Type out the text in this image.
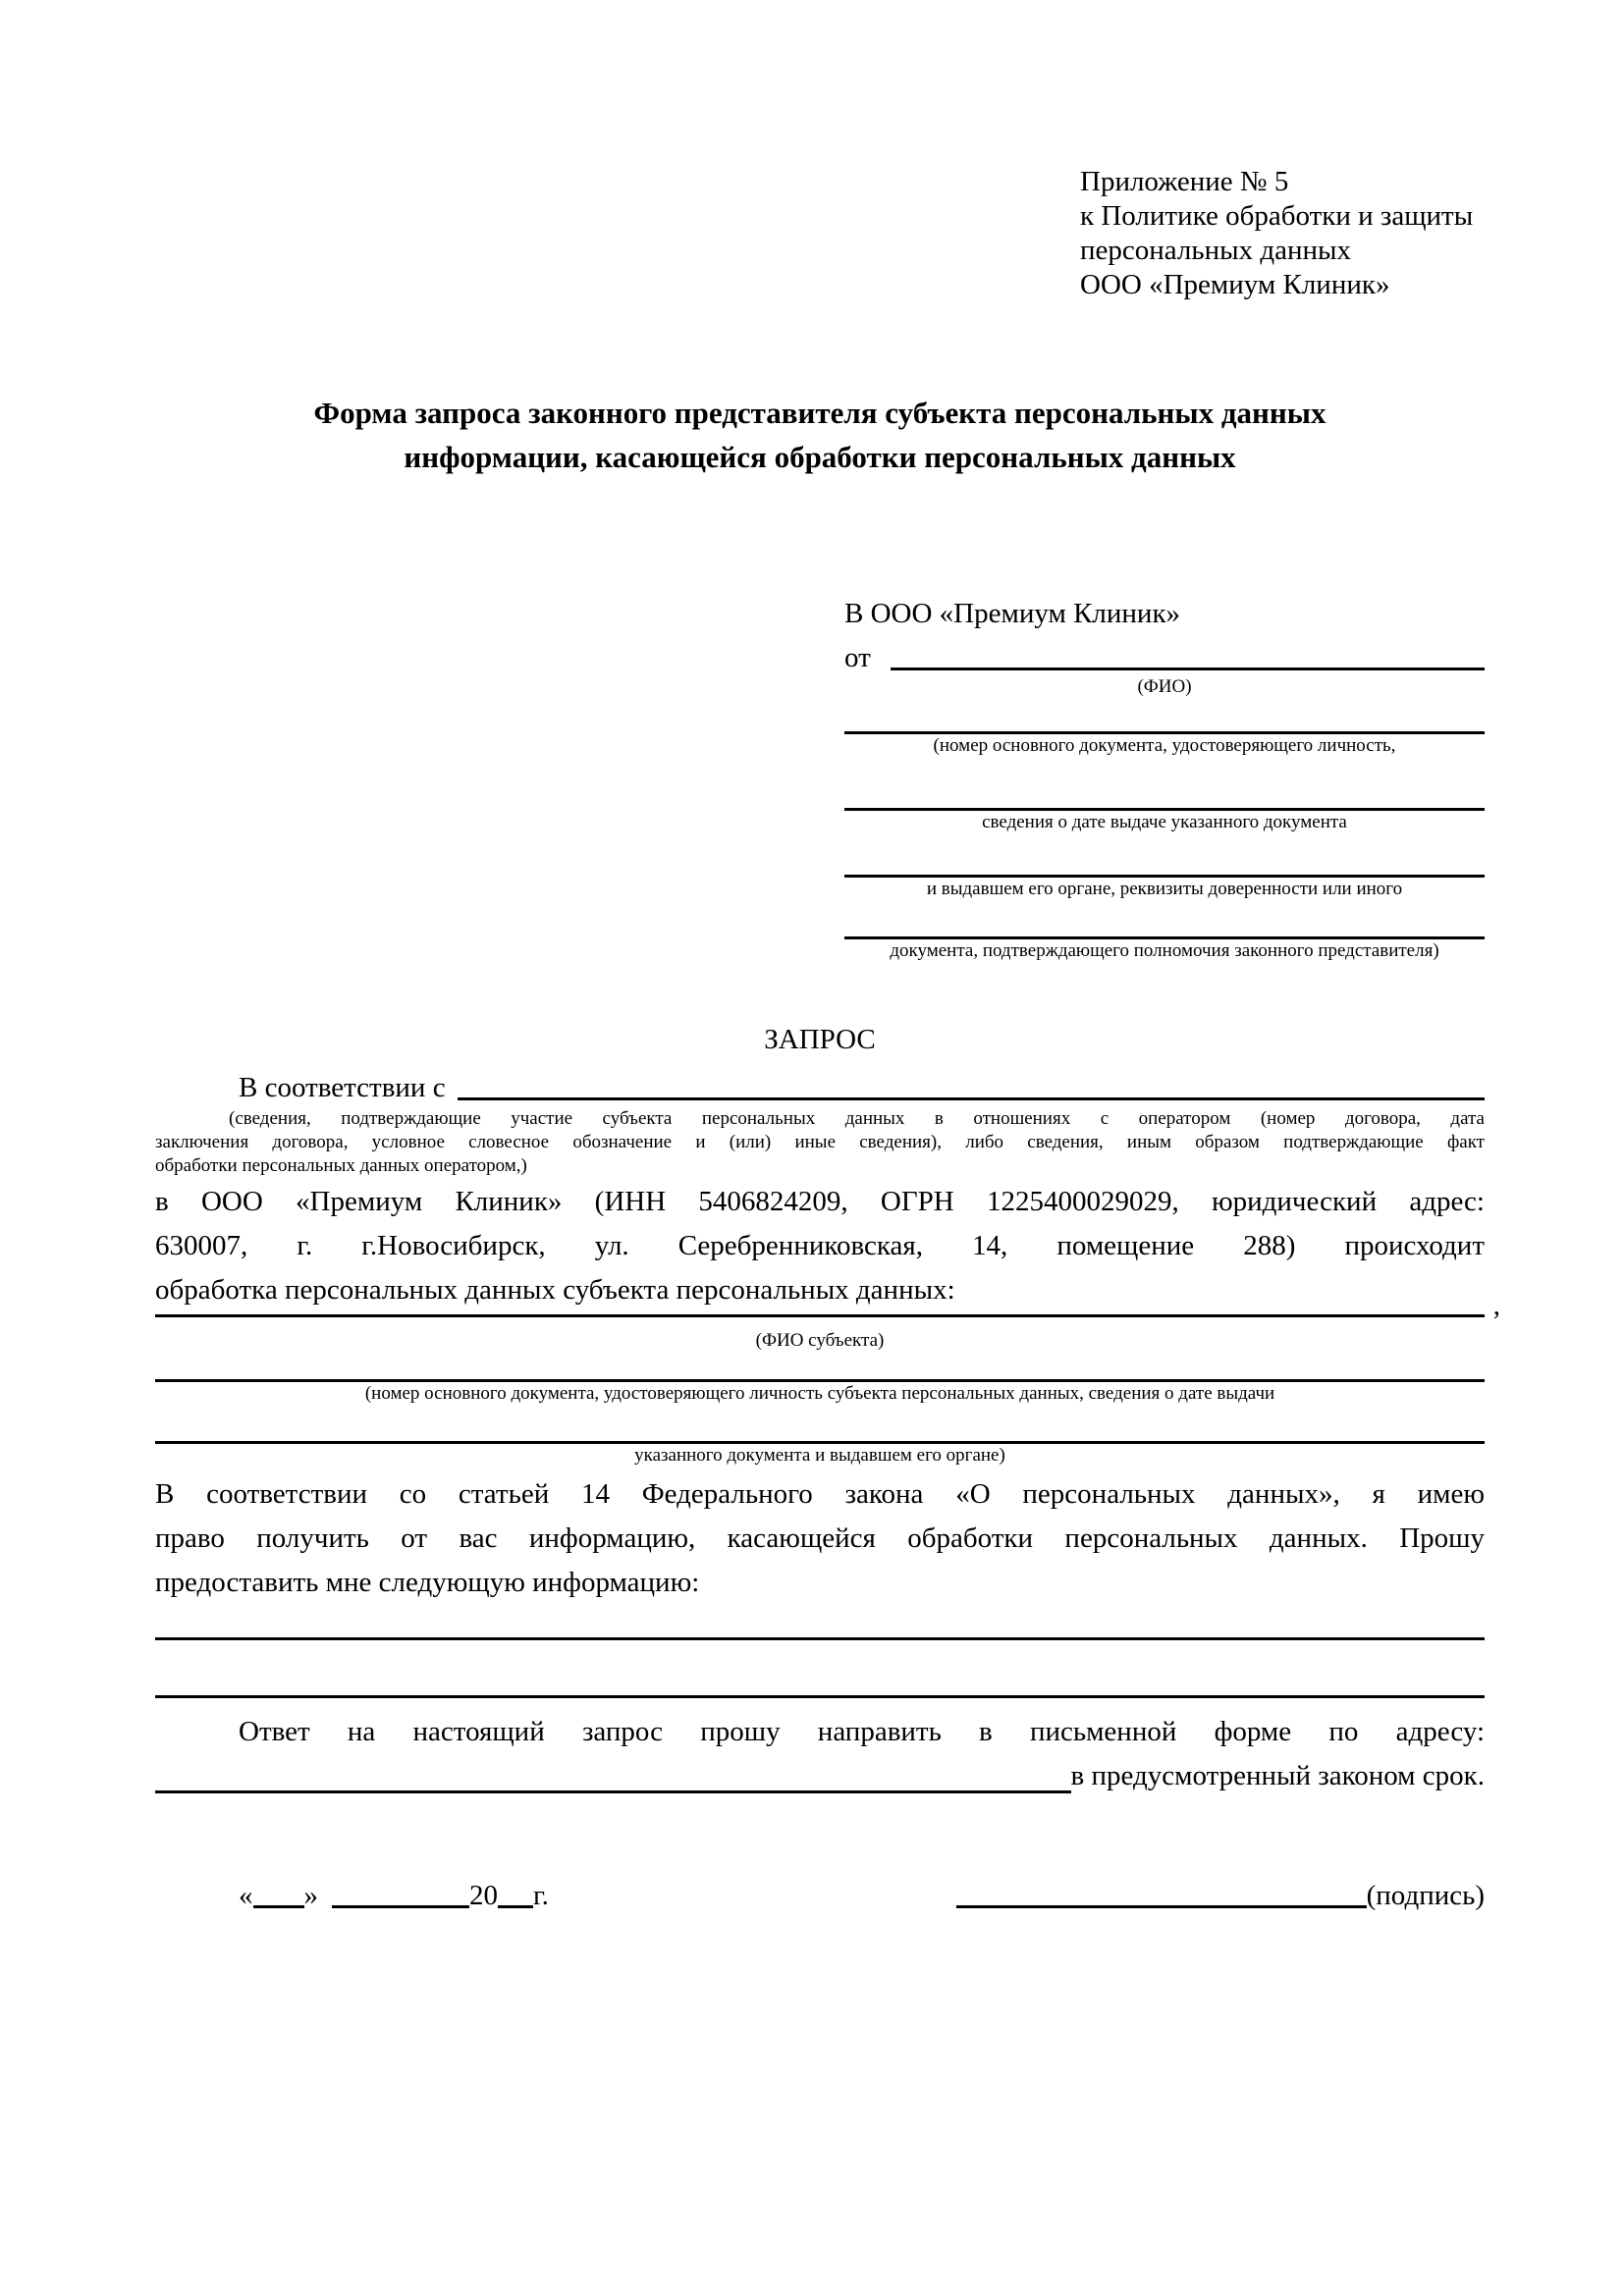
Приложение № 5
к Политике обработки и защиты
персональных данных
ООО «Премиум Клиник»
Форма запроса законного представителя субъекта персональных данных
информации, касающейся обработки персональных данных
В ООО «Премиум Клиник»
от
(ФИО)
(номер основного документа, удостоверяющего личность,
сведения о дате выдаче указанного документа
и выдавшем его органе, реквизиты доверенности или иного
документа, подтверждающего полномочия законного представителя)
ЗАПРОС
В соответствии с
(сведения, подтверждающие участие субъекта персональных данных в отношениях с оператором (номер договора, дата
заключения договора, условное словесное обозначение и (или) иные сведения), либо сведения, иным образом подтверждающие факт
обработки персональных данных оператором,)
в ООО «Премиум Клиник» (ИНН 5406824209, ОГРН 1225400029029, юридический адрес:
630007, г. г.Новосибирск, ул. Серебренниковская, 14, помещение 288) происходит
обработка персональных данных субъекта персональных данных:	,
(ФИО субъекта)
(номер основного документа, удостоверяющего личность субъекта персональных данных, сведения о дате выдачи
указанного документа и выдавшем его органе)
В соответствии со статьей 14 Федерального закона «О персональных данных», я имею
право получить от вас информацию, касающейся обработки персональных данных. Прошу
предоставить мне следующую информацию:
Ответ на настоящий запрос прошу направить в письменной форме по адресу:
в предусмотренный законом срок.
« »	20 г.	(подпись)
